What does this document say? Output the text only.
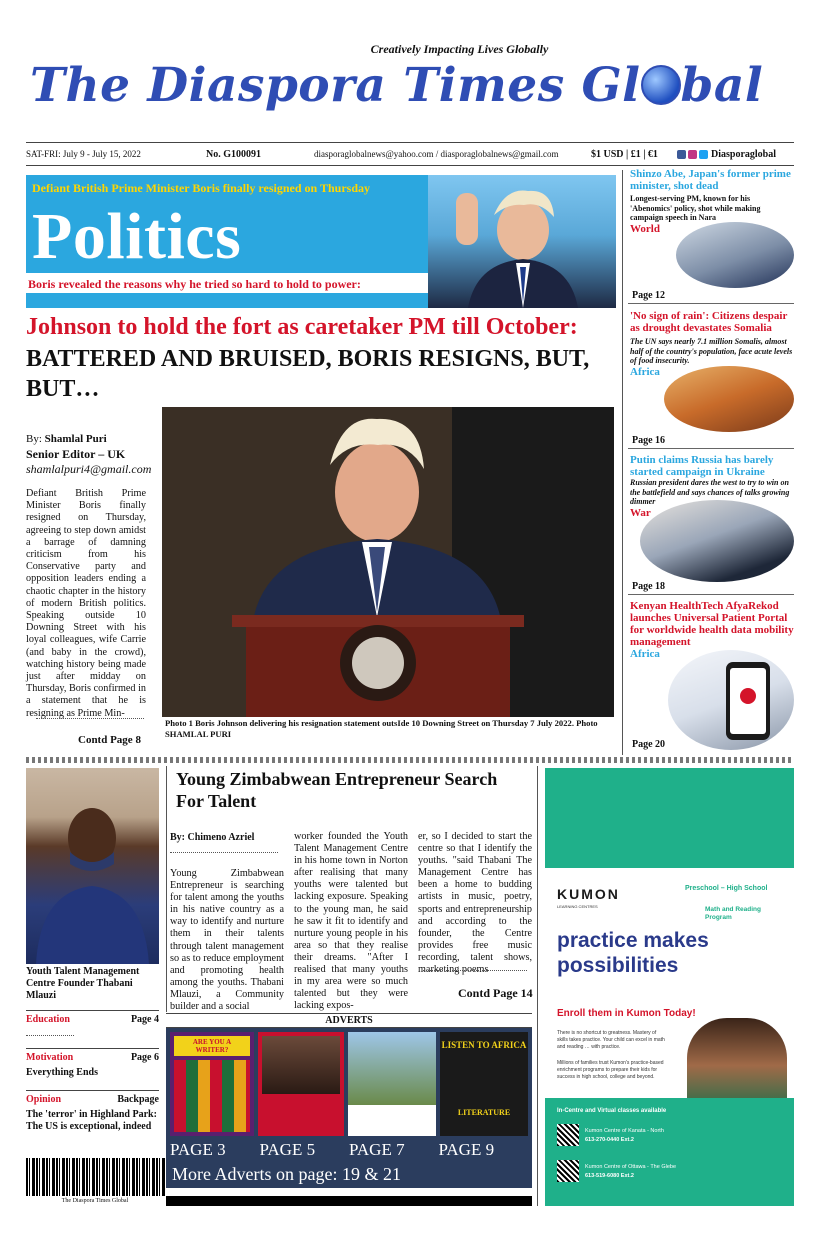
Creatively Impacting Lives Globally
The Diaspora Times Gl bal
SAT-FRI: July 9 - July 15, 2022	No. G100091	diasporaglobalnews@yahoo.com / diasporaglobalnews@gmail.com	$1 USD | £1 | €1	Diasporaglobal
Defiant British Prime Minister Boris finally resigned on Thursday
Politics
Boris revealed the reasons why he tried so hard to hold to power:
Johnson to hold the fort as caretaker PM till October:
BATTERED AND BRUISED, BORIS RESIGNS, BUT, BUT…
By: Shamlal Puri
Senior Editor – UK
shamlalpuri4@gmail.com
Defiant British Prime Minister Boris finally resigned on Thursday, agreeing to step down amidst a barrage of damning criticism from his Conservative party and opposition leaders ending a chaotic chapter in the history of modern British politics. Speaking outside 10 Downing Street with his loyal colleagues, wife Carrie (and baby in the crowd), watching history being made just after midday on Thursday, Boris confirmed in a statement that he is resigning as Prime Min-
Contd Page 8
Photo 1 Boris Johnson delivering his resignation statement outsIde 10 Downing Street on Thursday 7 July 2022. Photo SHAMLAL PURI
Shinzo Abe, Japan's former prime minister, shot dead
Longest-serving PM, known for his 'Abenomics' policy, shot while making campaign speech in Nara
World
Page 12
'No sign of rain': Citizens despair as drought devastates Somalia
The UN says nearly 7.1 million Somalis, almost half of the country's population, face acute levels of food insecurity.
Africa
Page 16
Putin claims Russia has barely started campaign in Ukraine
Russian president dares the west to try to win on the battlefield and says chances of talks growing dimmer
War
Page 18
Kenyan HealthTech AfyaRekod launches Universal Patient Portal for worldwide health data mobility management
Africa
Page 20
Youth Talent Management Centre Founder Thabani Mlauzi
Young Zimbabwean Entrepreneur Search For Talent
By: Chimeno Azriel
Young Zimbabwean Entrepreneur is searching for talent among the youths in his native country as a way to identify and nurture them in their talents through talent management so as to reduce employment and promoting health among the youths. Thabani Mlauzi, a Community builder and a social
worker founded the Youth Talent Management Centre in his home town in Norton after realising that many youths were talented but lacking exposure. Speaking to the young man, he said he saw it fit to identify and nurture young people in his area so that they realise their dreams. "After I realised that many youths in my area were so much talented but they were lacking expos-
er, so I decided to start the centre so that I identify the youths. "said Thabani The Management Centre has been a home to budding artists in music, poetry, sports and entrepreneurship and according to the founder, the Centre provides free music recording, talent shows, marketing poems
Contd Page 14
Education	Page 4
Motivation	Page 6
Everything Ends
Opinion	Backpage
The 'terror' in Highland Park: The US is exceptional, indeed
The Diaspora Times Global
ADVERTS
ARE YOU A WRITER?	LISTEN TO AFRICA
LITERATURE
PAGE 3	PAGE 5	PAGE 7	PAGE 9
More Adverts on page: 19 & 21
KUMON
LEARNING CENTRES
Preschool – High School
Math and Reading Program
practice makes possibilities
Enroll them in Kumon Today!
There is no shortcut to greatness. Mastery of skills takes practice. Your child can excel in math and reading … with practice.
Millions of families trust Kumon's practice-based enrichment programs to prepare their kids for success in high school, college and beyond.
In-Centre and Virtual classes available
Kumon Centre of Kanata - North
613-270-0440 Ext.2
Kumon Centre of Ottawa - The Glebe
613-519-6080 Ext.2
